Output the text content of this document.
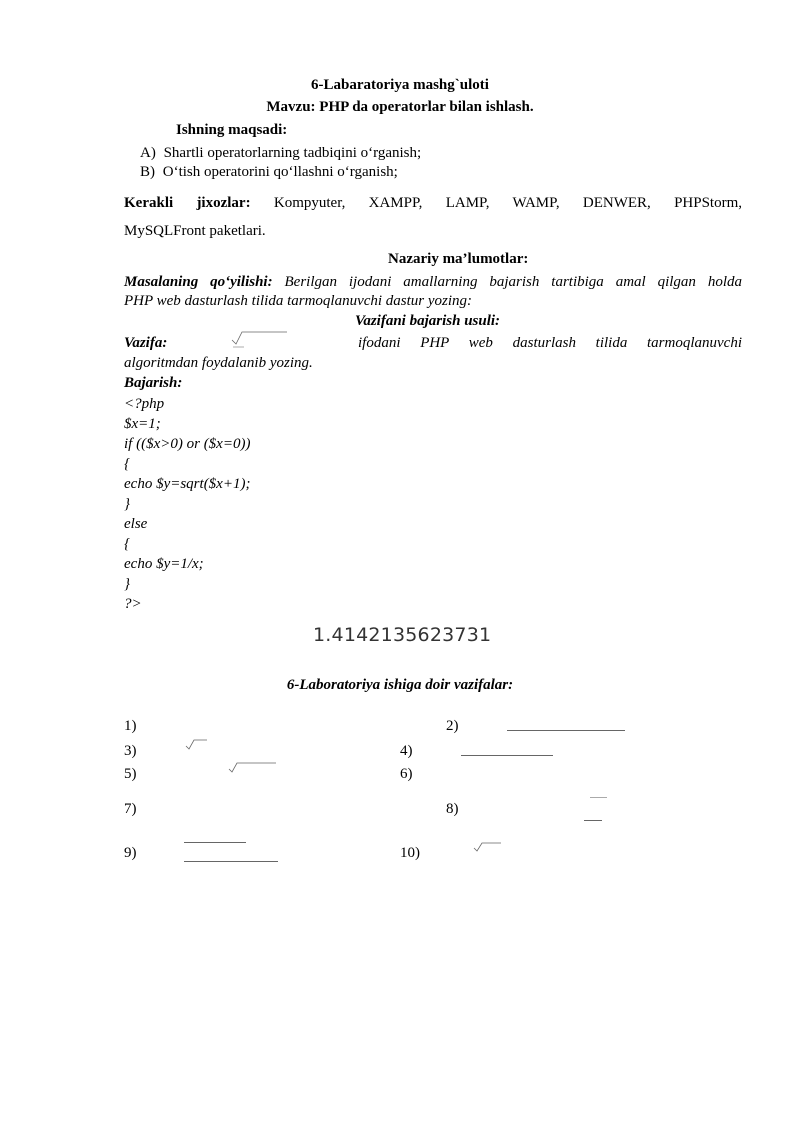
6-Labaratoriya mashg`uloti
Mavzu: PHP da operatorlar bilan ishlash.
Ishning maqsadi:
A) Shartli operatorlarning tadbiqini o‘rganish;
B) O‘tish operatorini qo‘llashni o‘rganish;
Kerakli jixozlar: Kompyuter, XAMPP, LAMP, WAMP, DENWER, PHPStorm,
MySQLFront paketlari.
Nazariy ma’lumotlar:
Masalaning qo‘yilishi: Berilgan ijodani amallarning bajarish tartibiga amal qilgan holda
PHP web dasturlash tilida tarmoqlanuvchi dastur yozing:
Vazifani bajarish usuli:
Vazifa:	ifodani PHP web dasturlash tilida tarmoqlanuvchi
algoritmdan foydalanib yozing.
Bajarish:
<?php
$x=1;
if (($x>0) or ($x=0))
{
echo $y=sqrt($x+1);
}
else
{
echo $y=1/x;
}
?>
1.4142135623731
6-Laboratoriya ishiga doir vazifalar:
1)	2)
3)	4)
5)	6)
7)	8)
9)	10)
